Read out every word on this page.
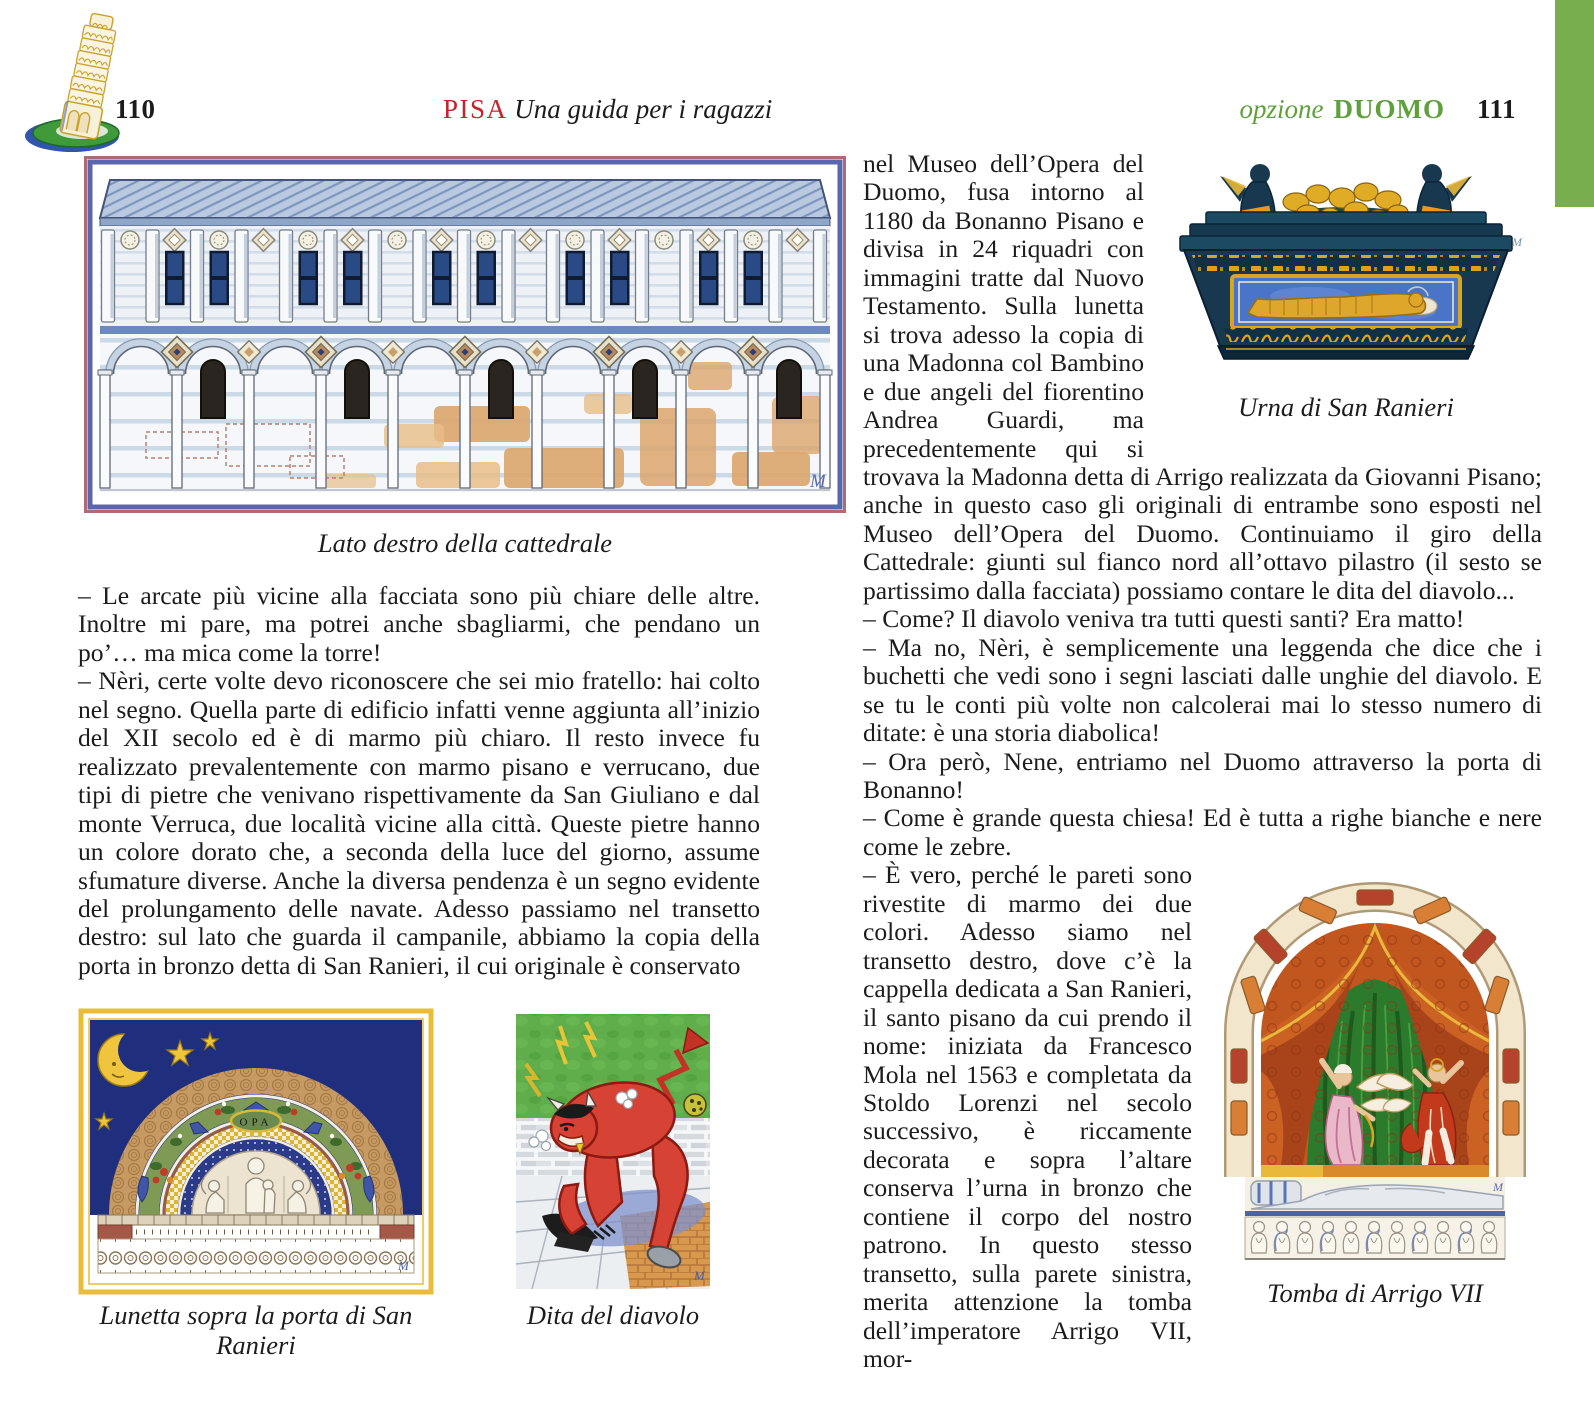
110	PISA Una guida per i ragazzi
M
Lato destro della cattedrale

– Le arcate più vicine alla facciata sono più chiare delle altre. Inoltre mi pare, ma potrei anche sbagliarmi, che pendano un po’… ma mica come la torre!

– Nèri, certe volte devo riconoscere che sei mio fratello: hai colto nel segno. Quella parte di edificio infatti venne aggiunta all’inizio del XII secolo ed è di marmo più chiaro. Il resto invece fu realizzato prevalentemente con marmo pisano e verrucano, due tipi di pietre che venivano rispettivamente da San Giuliano e dal monte Verruca, due località vicine alla città. Queste pietre hanno un colore dorato che, a seconda della luce del giorno, assume sfumature diverse. Anche la diversa pendenza è un segno evidente del prolungamento delle navate. Adesso passiamo nel transetto destro: sul lato che guarda il campanile, abbiamo la copia della porta in bronzo detta di San Ranieri, il cui originale è conservato

OPA
M
M
Lunetta sopra la porta di San Ranieri
Dita del diavolo
opzione DUOMO 111
M
Urna di San Ranieri

nel Museo dell’Opera del Duomo, fusa intorno al 1180 da Bonanno Pisano e divisa in 24 riquadri con immagini tratte dal Nuovo Testamento. Sulla lunetta si trova adesso la copia di una Madonna col Bambino e due angeli del fiorentino Andrea Guardi, ma precedentemente qui si trovava la Madonna detta di Arrigo realizzata da Giovanni Pisano; anche in questo caso gli originali di entrambe sono esposti nel Museo dell’Opera del Duomo. Continuiamo il giro della Cattedrale: giunti sul fianco nord all’ottavo pilastro (il sesto se partissimo dalla facciata) possiamo contare le dita del diavolo...

– Come? Il diavolo veniva tra tutti questi santi? Era matto!

– Ma no, Nèri, è semplicemente una leggenda che dice che i buchetti che vedi sono i segni lasciati dalle unghie del diavolo. E se tu le conti più volte non calcolerai mai lo stesso numero di ditate: è una storia diabolica!

– Ora però, Nene, entriamo nel Duomo attraverso la porta di Bonanno!

– Come è grande questa chiesa! Ed è tutta a righe bianche e nere come le zebre.

M
Tomba di Arrigo VII

– È vero, perché le pareti sono rivestite di marmo dei due colori. Adesso siamo nel transetto destro, dove c’è la cappella dedicata a San Ranieri, il santo pisano da cui prendo il nome: iniziata da Francesco Mola nel 1563 e completata da Stoldo Lorenzi nel secolo successivo, è riccamente decorata e sopra l’altare conserva l’urna in bronzo che contiene il corpo del nostro patrono. In questo stesso transetto, sulla parete sinistra, merita attenzione la tomba dell’imperatore Arrigo VII, mor-
